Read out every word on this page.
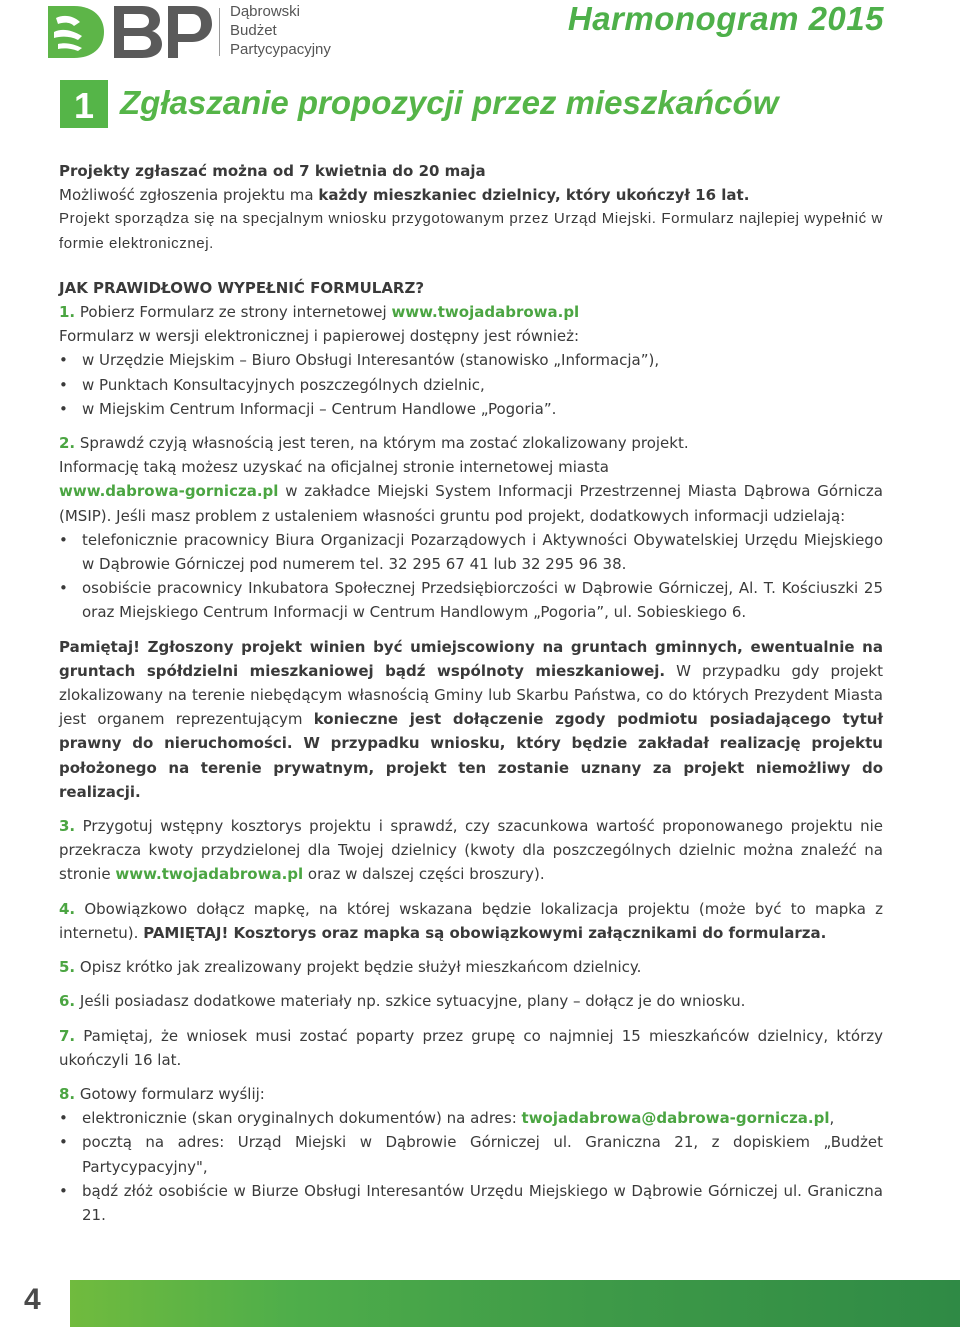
Dąbrowski
Budżet
Partycypacyjny
Harmonogram 2015
1 Zgłaszanie propozycji przez mieszkańców

Projekty zgłaszać można od 7 kwietnia do 20 maja

Możliwość zgłoszenia projektu ma każdy mieszkaniec dzielnicy, który ukończył 16 lat.

Projekt sporządza się na specjalnym wniosku przygotowanym przez Urząd Miejski. Formularz najlepiej wypełnić w formie elektronicznej.

JAK PRAWIDŁOWO WYPEŁNIĆ FORMULARZ?

1. Pobierz Formularz ze strony internetowej www.twojadabrowa.pl

Formularz w wersji elektronicznej i papierowej dostępny jest również:

• w Urzędzie Miejskim – Biuro Obsługi Interesantów (stanowisko „Informacja”),
• w Punktach Konsultacyjnych poszczególnych dzielnic,
• w Miejskim Centrum Informacji – Centrum Handlowe „Pogoria”.

2. Sprawdź czyją własnością jest teren, na którym ma zostać zlokalizowany projekt.

Informację taką możesz uzyskać na oficjalnej stronie internetowej miasta

www.dabrowa-gornicza.pl w zakładce Miejski System Informacji Przestrzennej Miasta Dąbrowa Górnicza (MSIP). Jeśli masz problem z ustaleniem własności gruntu pod projekt, dodatkowych informacji udzielają:

• telefonicznie pracownicy Biura Organizacji Pozarządowych i Aktywności Obywatelskiej Urzędu Miejskiego w Dąbrowie Górniczej pod numerem tel. 32 295 67 41 lub 32 295 96 38.
• osobiście pracownicy Inkubatora Społecznej Przedsiębiorczości w Dąbrowie Górniczej, Al. T. Kościuszki 25 oraz Miejskiego Centrum Informacji w Centrum Handlowym „Pogoria”, ul. Sobieskiego 6.

Pamiętaj! Zgłoszony projekt winien być umiejscowiony na gruntach gminnych, ewentualnie na gruntach spółdzielni mieszkaniowej bądź wspólnoty mieszkaniowej. W przypadku gdy projekt zlokalizowany na terenie niebędącym własnością Gminy lub Skarbu Państwa, co do których Prezydent Miasta jest organem reprezentującym konieczne jest dołączenie zgody podmiotu posiadającego tytuł prawny do nieruchomości. W przypadku wniosku, który będzie zakładał realizację projektu położonego na terenie prywatnym, projekt ten zostanie uznany za projekt niemożliwy do realizacji.

3. Przygotuj wstępny kosztorys projektu i sprawdź, czy szacunkowa wartość proponowanego projektu nie przekracza kwoty przydzielonej dla Twojej dzielnicy (kwoty dla poszczególnych dzielnic można znaleźć na stronie www.twojadabrowa.pl oraz w dalszej części broszury).

4. Obowiązkowo dołącz mapkę, na której wskazana będzie lokalizacja projektu (może być to mapka z internetu). PAMIĘTAJ! Kosztorys oraz mapka są obowiązkowymi załącznikami do formularza.

5. Opisz krótko jak zrealizowany projekt będzie służył mieszkańcom dzielnicy.

6. Jeśli posiadasz dodatkowe materiały np. szkice sytuacyjne, plany – dołącz je do wniosku.

7. Pamiętaj, że wniosek musi zostać poparty przez grupę co najmniej 15 mieszkańców dzielnicy, którzy ukończyli 16 lat.

8. Gotowy formularz wyślij:

• elektronicznie (skan oryginalnych dokumentów) na adres: twojadabrowa@dabrowa-gornicza.pl,
• pocztą na adres: Urząd Miejski w Dąbrowie Górniczej ul. Graniczna 21, z dopiskiem „Budżet Partycypacyjny",
• bądź złóż osobiście w Biurze Obsługi Interesantów Urzędu Miejskiego w Dąbrowie Górniczej ul. Graniczna 21.
4
